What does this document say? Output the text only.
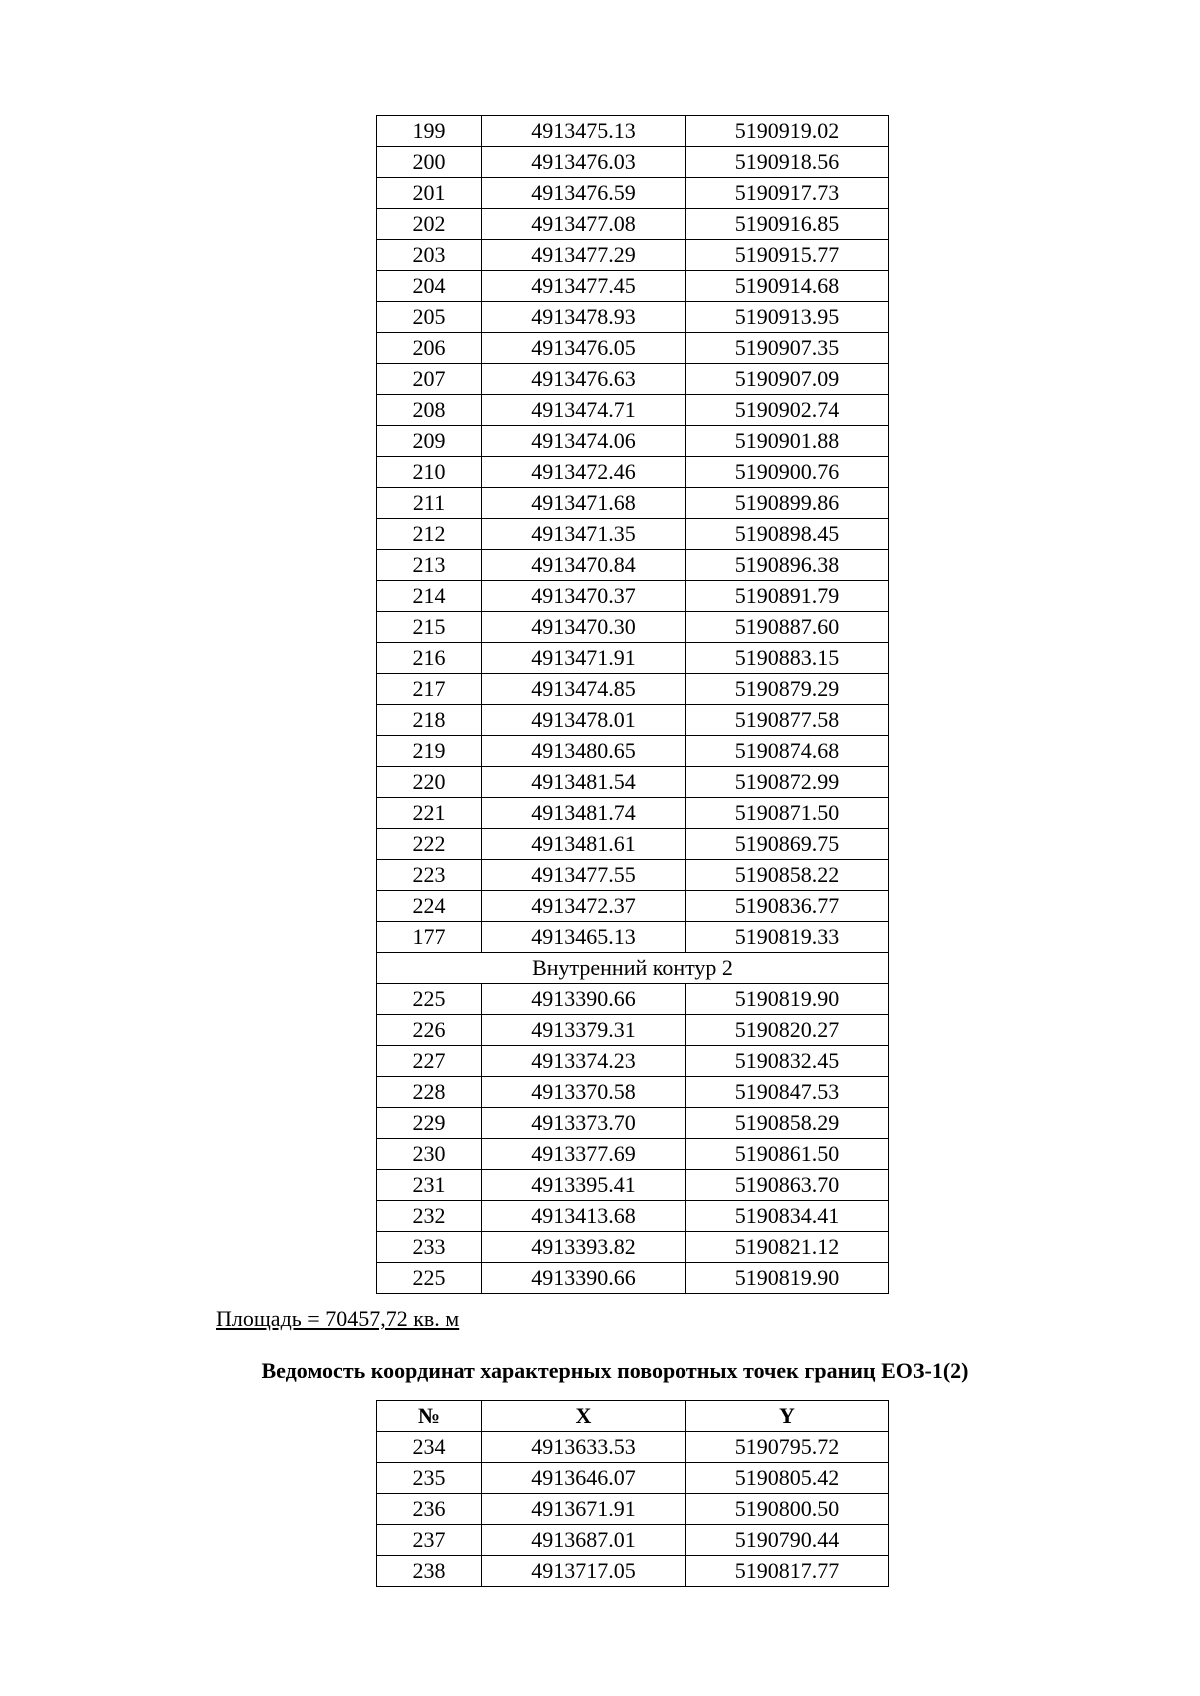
199	4913475.13	5190919.02
200	4913476.03	5190918.56
201	4913476.59	5190917.73
202	4913477.08	5190916.85
203	4913477.29	5190915.77
204	4913477.45	5190914.68
205	4913478.93	5190913.95
206	4913476.05	5190907.35
207	4913476.63	5190907.09
208	4913474.71	5190902.74
209	4913474.06	5190901.88
210	4913472.46	5190900.76
211	4913471.68	5190899.86
212	4913471.35	5190898.45
213	4913470.84	5190896.38
214	4913470.37	5190891.79
215	4913470.30	5190887.60
216	4913471.91	5190883.15
217	4913474.85	5190879.29
218	4913478.01	5190877.58
219	4913480.65	5190874.68
220	4913481.54	5190872.99
221	4913481.74	5190871.50
222	4913481.61	5190869.75
223	4913477.55	5190858.22
224	4913472.37	5190836.77
177	4913465.13	5190819.33
Внутренний контур 2		
225	4913390.66	5190819.90
226	4913379.31	5190820.27
227	4913374.23	5190832.45
228	4913370.58	5190847.53
229	4913373.70	5190858.29
230	4913377.69	5190861.50
231	4913395.41	5190863.70
232	4913413.68	5190834.41
233	4913393.82	5190821.12
225	4913390.66	5190819.90
Площадь = 70457,72 кв. м
Ведомость координат характерных поворотных точек границ ЕОЗ-1(2)
№	X	Y
234	4913633.53	5190795.72
235	4913646.07	5190805.42
236	4913671.91	5190800.50
237	4913687.01	5190790.44
238	4913717.05	5190817.77
